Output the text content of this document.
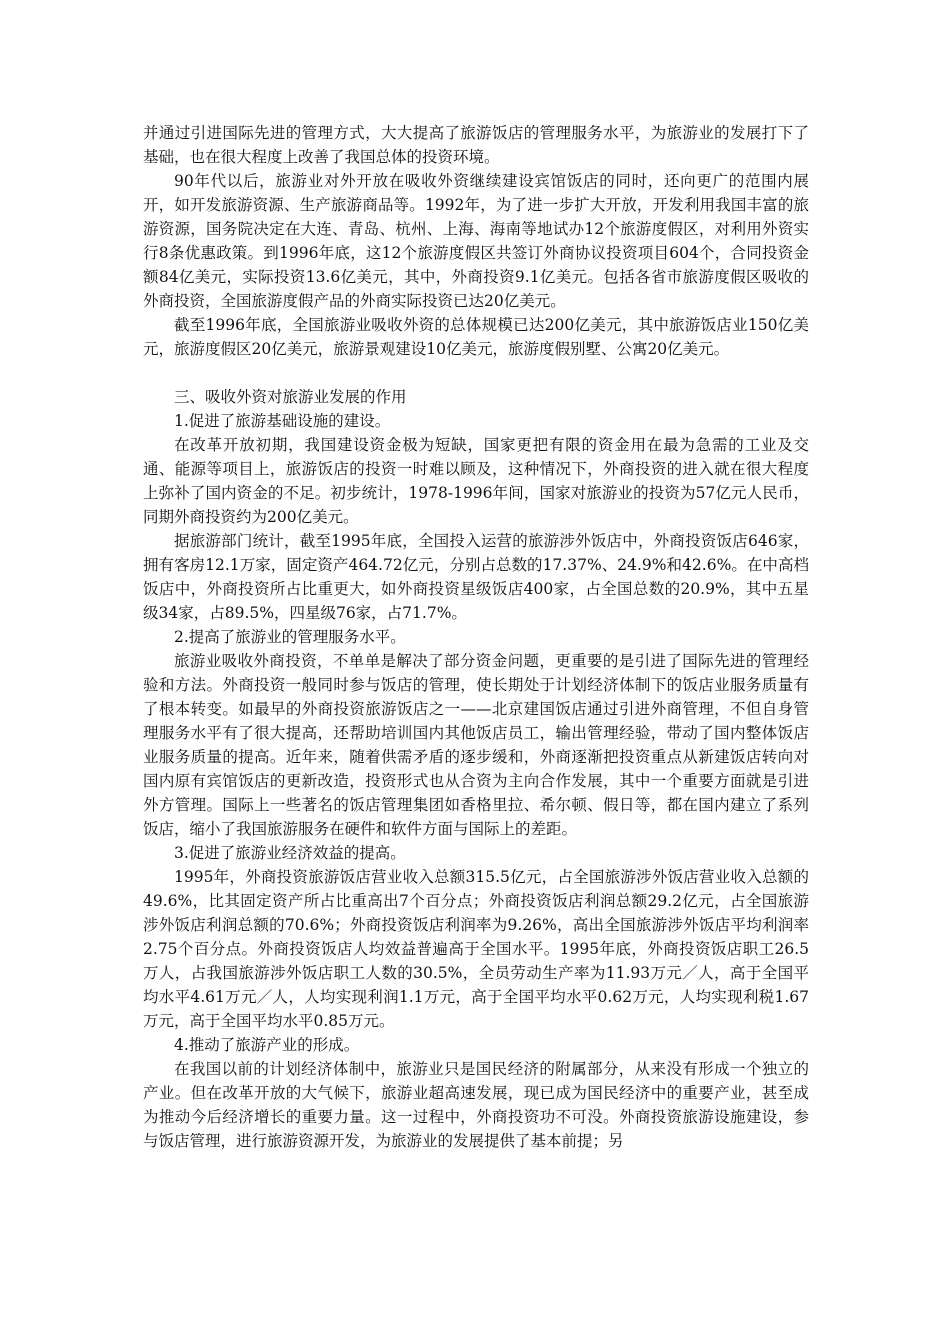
并通过引进国际先进的管理方式，大大提高了旅游饭店的管理服务水平，为旅游业的发展打下了基础，也在很大程度上改善了我国总体的投资环境。

90年代以后，旅游业对外开放在吸收外资继续建设宾馆饭店的同时，还向更广的范围内展开，如开发旅游资源、生产旅游商品等。1992年，为了进一步扩大开放，开发利用我国丰富的旅游资源，国务院决定在大连、青岛、杭州、上海、海南等地试办12个旅游度假区，对利用外资实行8条优惠政策。到1996年底，这12个旅游度假区共签订外商协议投资项目604个，合同投资金额84亿美元，实际投资13.6亿美元，其中，外商投资9.1亿美元。包括各省市旅游度假区吸收的外商投资，全国旅游度假产品的外商实际投资已达20亿美元。

截至1996年底，全国旅游业吸收外资的总体规模已达200亿美元，其中旅游饭店业150亿美元，旅游度假区20亿美元，旅游景观建设10亿美元，旅游度假别墅、公寓20亿美元。

三、吸收外资对旅游业发展的作用

1.促进了旅游基础设施的建设。

在改革开放初期，我国建设资金极为短缺，国家更把有限的资金用在最为急需的工业及交通、能源等项目上，旅游饭店的投资一时难以顾及，这种情况下，外商投资的进入就在很大程度上弥补了国内资金的不足。初步统计，1978-1996年间，国家对旅游业的投资为57亿元人民币，同期外商投资约为200亿美元。

据旅游部门统计，截至1995年底，全国投入运营的旅游涉外饭店中，外商投资饭店646家，拥有客房12.1万家，固定资产464.72亿元，分别占总数的17.37%、24.9%和42.6%。在中高档饭店中，外商投资所占比重更大，如外商投资星级饭店400家，占全国总数的20.9%，其中五星级34家，占89.5%，四星级76家，占71.7%。

2.提高了旅游业的管理服务水平。

旅游业吸收外商投资，不单单是解决了部分资金问题，更重要的是引进了国际先进的管理经验和方法。外商投资一般同时参与饭店的管理，使长期处于计划经济体制下的饭店业服务质量有了根本转变。如最早的外商投资旅游饭店之一——北京建国饭店通过引进外商管理，不但自身管理服务水平有了很大提高，还帮助培训国内其他饭店员工，输出管理经验，带动了国内整体饭店业服务质量的提高。近年来，随着供需矛盾的逐步缓和，外商逐渐把投资重点从新建饭店转向对国内原有宾馆饭店的更新改造，投资形式也从合资为主向合作发展，其中一个重要方面就是引进外方管理。国际上一些著名的饭店管理集团如香格里拉、希尔顿、假日等，都在国内建立了系列饭店，缩小了我国旅游服务在硬件和软件方面与国际上的差距。

3.促进了旅游业经济效益的提高。

1995年，外商投资旅游饭店营业收入总额315.5亿元，占全国旅游涉外饭店营业收入总额的49.6%，比其固定资产所占比重高出7个百分点；外商投资饭店利润总额29.2亿元，占全国旅游涉外饭店利润总额的70.6%；外商投资饭店利润率为9.26%，高出全国旅游涉外饭店平均利润率2.75个百分点。外商投资饭店人均效益普遍高于全国水平。1995年底，外商投资饭店职工26.5万人，占我国旅游涉外饭店职工人数的30.5%，全员劳动生产率为11.93万元／人，高于全国平均水平4.61万元／人，人均实现利润1.1万元，高于全国平均水平0.62万元，人均实现利税1.67万元，高于全国平均水平0.85万元。

4.推动了旅游产业的形成。

在我国以前的计划经济体制中，旅游业只是国民经济的附属部分，从来没有形成一个独立的产业。但在改革开放的大气候下，旅游业超高速发展，现已成为国民经济中的重要产业，甚至成为推动今后经济增长的重要力量。这一过程中，外商投资功不可没。外商投资旅游设施建设，参与饭店管理，进行旅游资源开发，为旅游业的发展提供了基本前提；另
